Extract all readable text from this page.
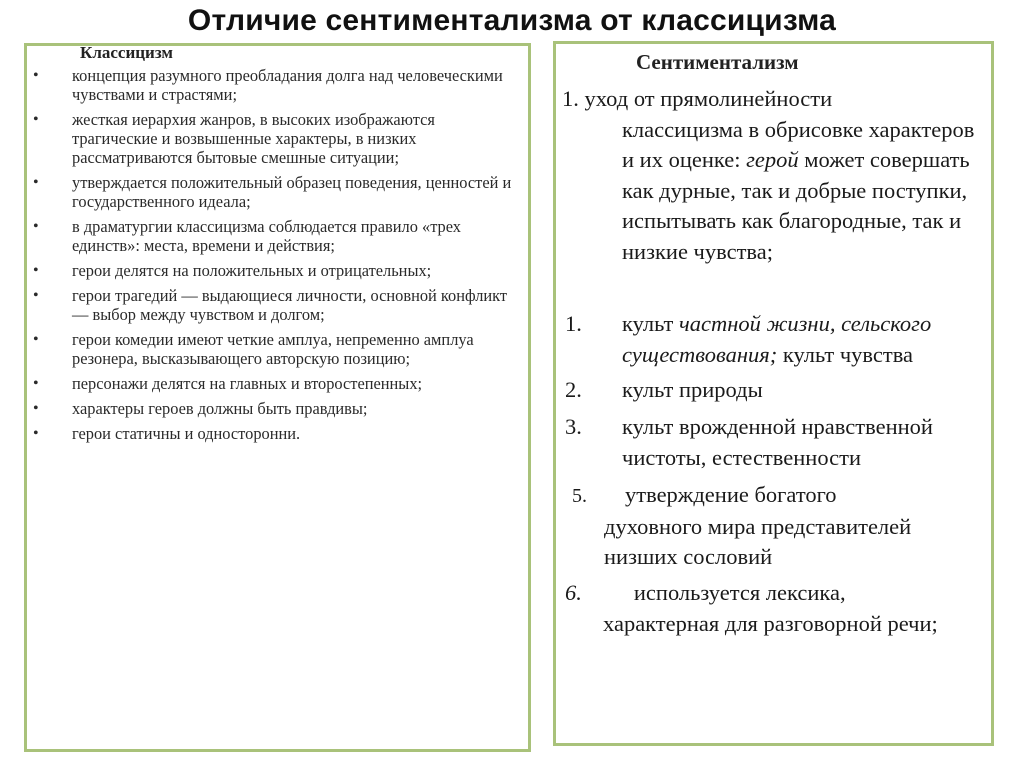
Отличие сентиментализма от классицизма
Классицизм
• концепция разумного преобладания долга над человеческими чувствами и страстями;
• жесткая иерархия жанров, в высоких изображаются трагические и возвышенные характеры, в низких рассматриваются бытовые смешные ситуации;
• утверждается положительный образец поведения, ценностей и государственного идеала;
• в драматургии классицизма соблюдается правило «трех единств»: места, времени и действия;
• герои делятся на положительных и отрицательных;
• герои трагедий — выдающиеся личности, основной конфликт — выбор между чувством и долгом;
• герои комедии имеют четкие амплуа, непременно амплуа резонера, высказывающего авторскую позицию;
• персонажи делятся на главных и второстепенных;
• характеры героев должны быть правдивы;
• герои статичны и односторонни.
Сентиментализм
1. уход от прямолинейности
классицизма в обрисовке характеров и их оценке: герой может совершать как дурные, так и добрые поступки, испытывать как благородные, так и низкие чувства;
1.	культ частной жизни, сельского существования; культ чувства
2.	культ природы
3.	культ врожденной нравственной чистоты, естественности
5. утверждение богатого
духовного мира представителей низших сословий
6. используется лексика,
характерная для разговорной речи;
